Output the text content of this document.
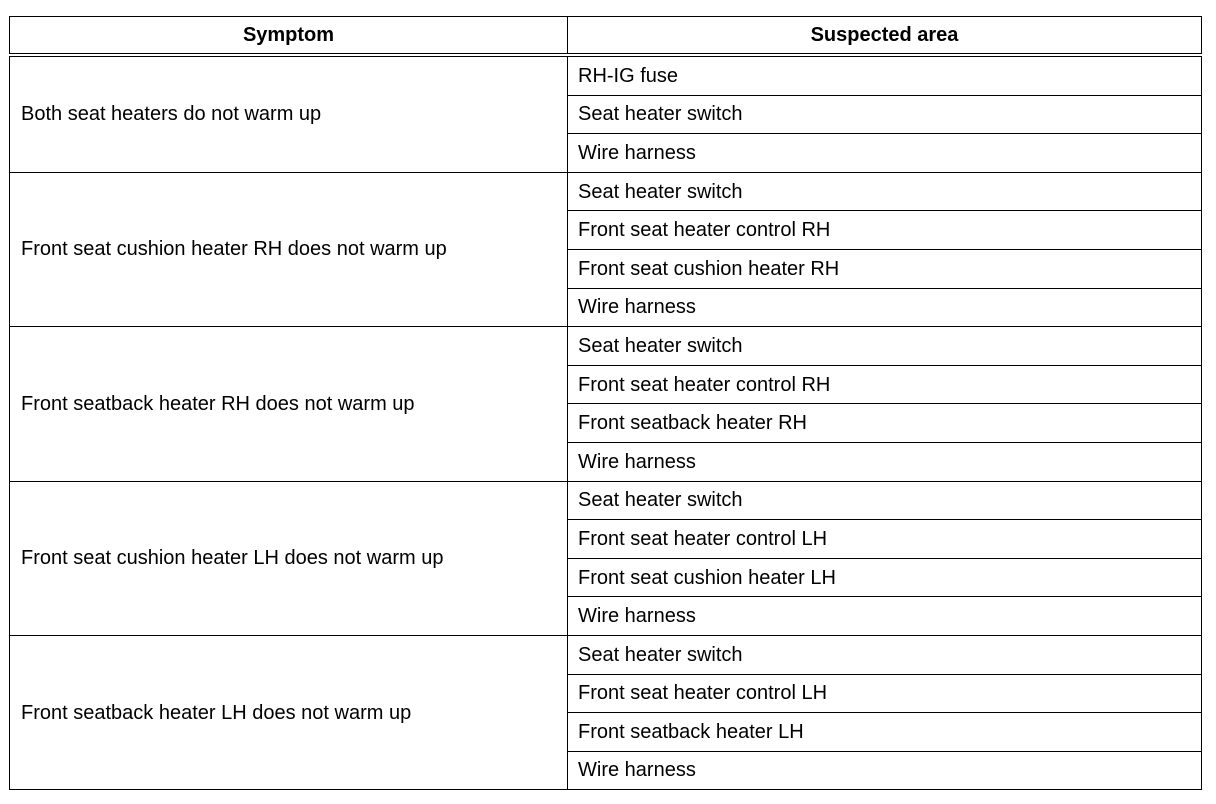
Symptom	Suspected area
Both seat heaters do not warm up	RH-IG fuse
	Seat heater switch
	Wire harness
Front seat cushion heater RH does not warm up	Seat heater switch
	Front seat heater control RH
	Front seat cushion heater RH
	Wire harness
Front seatback heater RH does not warm up	Seat heater switch
	Front seat heater control RH
	Front seatback heater RH
	Wire harness
Front seat cushion heater LH does not warm up	Seat heater switch
	Front seat heater control LH
	Front seat cushion heater LH
	Wire harness
Front seatback heater LH does not warm up	Seat heater switch
	Front seat heater control LH
	Front seatback heater LH
	Wire harness
